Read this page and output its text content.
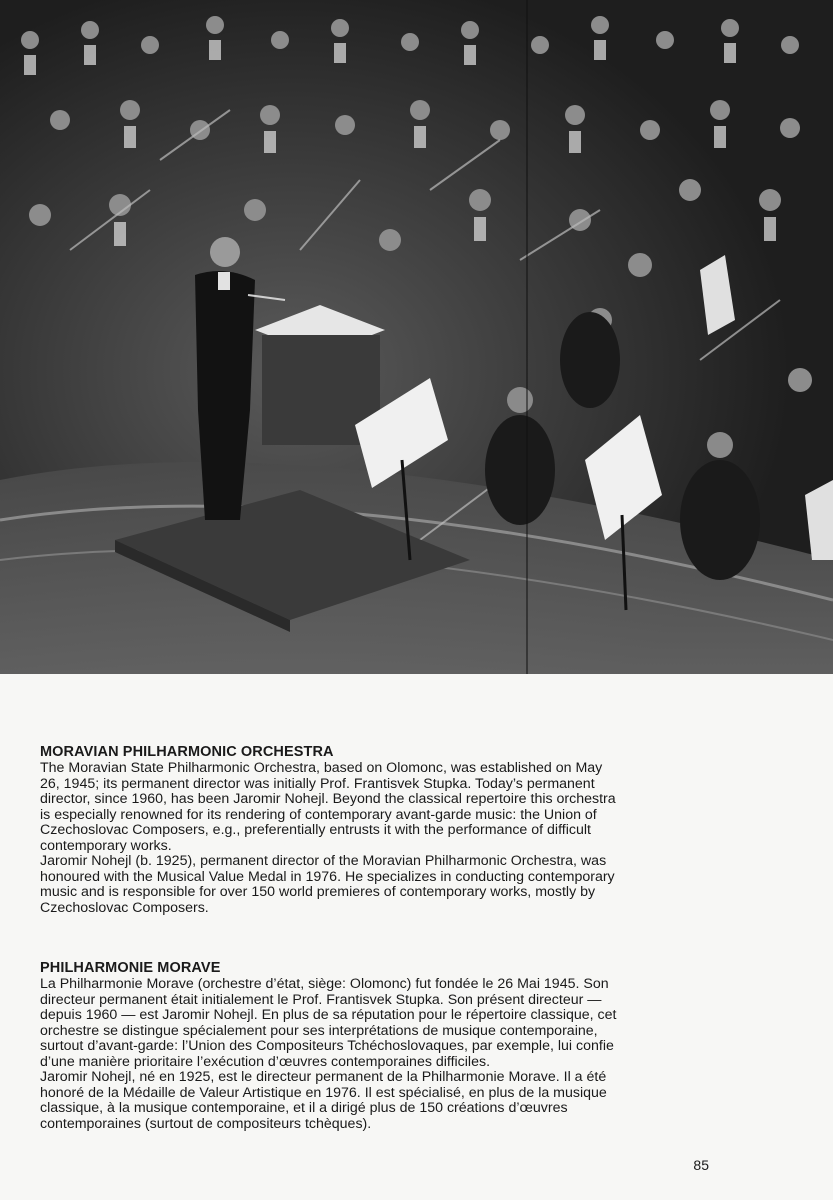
MORAVIAN PHILHARMONIC ORCHESTRA

The Moravian State Philharmonic Orchestra, based on Olomonc, was established on May
26, 1945; its permanent director was initially Prof. Frantisvek Stupka. Today’s permanent
director, since 1960, has been Jaromir Nohejl. Beyond the classical repertoire this orchestra
is especially renowned for its rendering of contemporary avant-garde music: the Union of
Czechoslovac Composers, e.g., preferentially entrusts it with the performance of difficult
contemporary works.

Jaromir Nohejl (b. 1925), permanent director of the Moravian Philharmonic Orchestra, was
honoured with the Musical Value Medal in 1976. He specializes in conducting contemporary
music and is responsible for over 150 world premieres of contemporary works, mostly by
Czechoslovac Composers.

PHILHARMONIE MORAVE

La Philharmonie Morave (orchestre d’état, siège: Olomonc) fut fondée le 26 Mai 1945. Son
directeur permanent était initialement le Prof. Frantisvek Stupka. Son présent directeur —
depuis 1960 — est Jaromir Nohejl. En plus de sa réputation pour le répertoire classique, cet
orchestre se distingue spécialement pour ses interprétations de musique contemporaine,
surtout d’avant-garde: l’Union des Compositeurs Tchéchoslovaques, par exemple, lui confie
d’une manière prioritaire l’exécution d’œuvres contemporaines difficiles.

Jaromir Nohejl, né en 1925, est le directeur permanent de la Philharmonie Morave. Il a été
honoré de la Médaille de Valeur Artistique en 1976. Il est spécialisé, en plus de la musique
classique, à la musique contemporaine, et il a dirigé plus de 150 créations d’œuvres
contemporaines (surtout de compositeurs tchèques).

85
